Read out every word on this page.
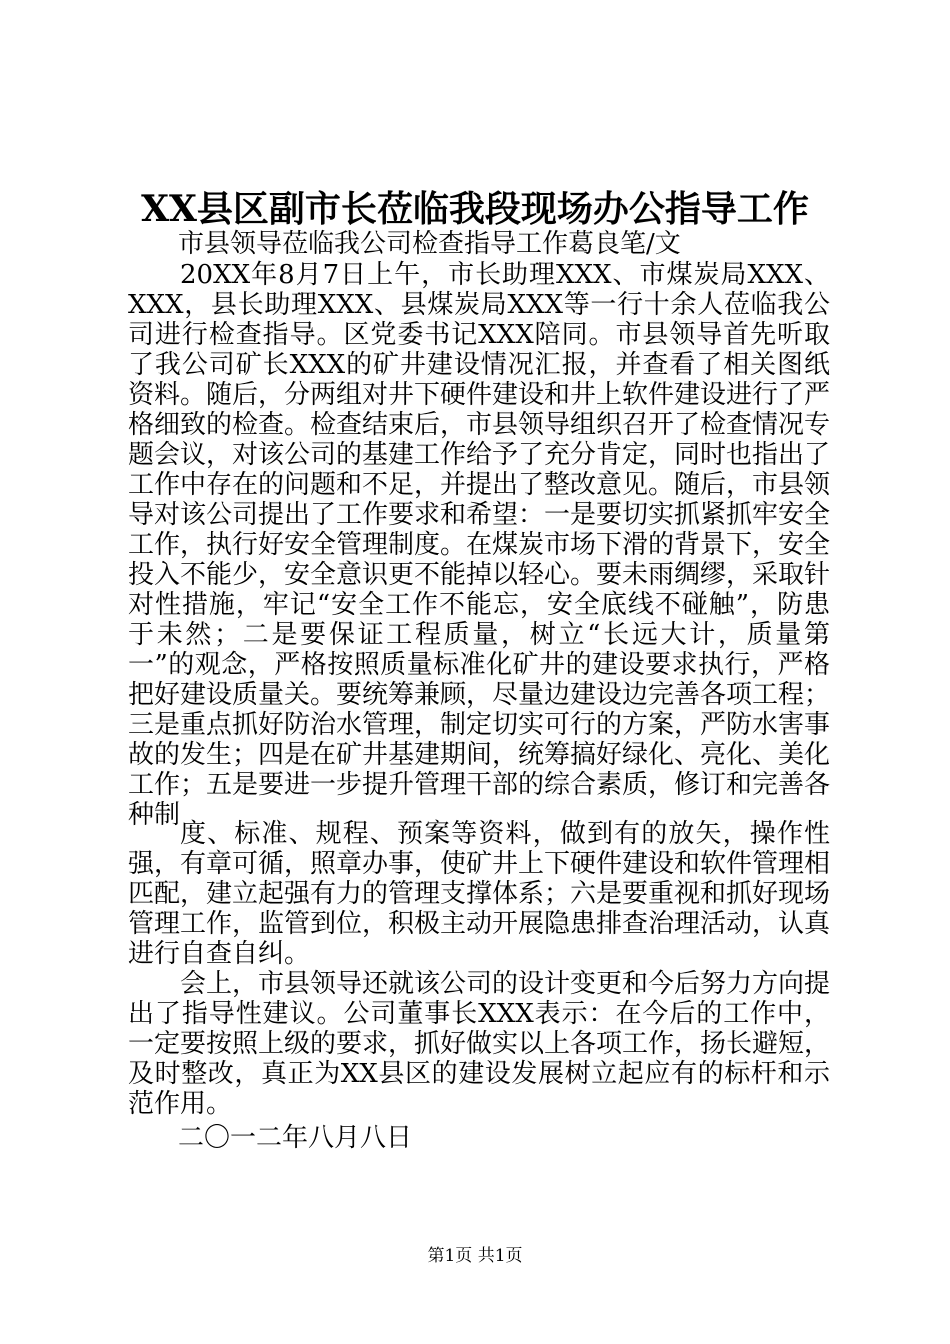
XX县区副市长莅临我段现场办公指导工作
市县领导莅临我公司检查指导工作葛良笔/文

20XX年8月7日上午，市长助理XXX、市煤炭局XXX、XXX，县长助理XXX、县煤炭局XXX等一行十余人莅临我公司进行检查指导。区党委书记XXX陪同。市县领导首先听取了我公司矿长XXX的矿井建设情况汇报，并查看了相关图纸资料。随后，分两组对井下硬件建设和井上软件建设进行了严格细致的检查。检查结束后，市县领导组织召开了检查情况专题会议，对该公司的基建工作给予了充分肯定，同时也指出了工作中存在的问题和不足，并提出了整改意见。随后，市县领导对该公司提出了工作要求和希望：一是要切实抓紧抓牢安全工作，执行好安全管理制度。在煤炭市场下滑的背景下，安全投入不能少，安全意识更不能掉以轻心。要未雨绸缪，采取针对性措施，牢记“安全工作不能忘，安全底线不碰触”，防患于未然；二是要保证工程质量，树立“长远大计，质量第一”的观念，严格按照质量标准化矿井的建设要求执行，严格把好建设质量关。要统筹兼顾，尽量边建设边完善各项工程；三是重点抓好防治水管理，制定切实可行的方案，严防水害事故的发生；四是在矿井基建期间，统筹搞好绿化、亮化、美化工作；五是要进一步提升管理干部的综合素质，修订和完善各种制

度、标准、规程、预案等资料，做到有的放矢，操作性强，有章可循，照章办事，使矿井上下硬件建设和软件管理相匹配，建立起强有力的管理支撑体系；六是要重视和抓好现场管理工作，监管到位，积极主动开展隐患排查治理活动，认真进行自查自纠。

会上，市县领导还就该公司的设计变更和今后努力方向提出了指导性建议。公司董事长XXX表示：在今后的工作中，一定要按照上级的要求，抓好做实以上各项工作，扬长避短，及时整改，真正为XX县区的建设发展树立起应有的标杆和示范作用。

二〇一二年八月八日
第1页 共1页
